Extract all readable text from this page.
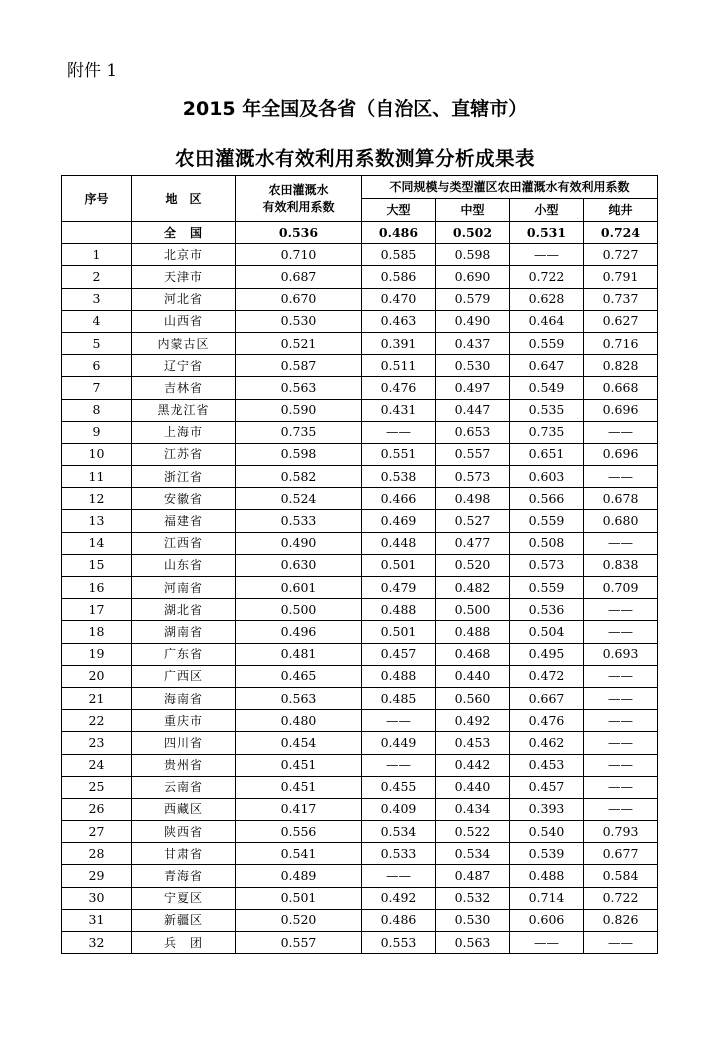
附件 1
2015 年全国及各省（自治区、直辖市）
农田灌溉水有效利用系数测算分析成果表
序号	地　区	农田灌溉水
有效利用系数	不同规模与类型灌区农田灌溉水有效利用系数			
			大型	中型	小型	纯井
	全　国	0.536	0.486	0.502	0.531	0.724
1	北京市	0.710	0.585	0.598	——	0.727
2	天津市	0.687	0.586	0.690	0.722	0.791
3	河北省	0.670	0.470	0.579	0.628	0.737
4	山西省	0.530	0.463	0.490	0.464	0.627
5	内蒙古区	0.521	0.391	0.437	0.559	0.716
6	辽宁省	0.587	0.511	0.530	0.647	0.828
7	吉林省	0.563	0.476	0.497	0.549	0.668
8	黑龙江省	0.590	0.431	0.447	0.535	0.696
9	上海市	0.735	——	0.653	0.735	——
10	江苏省	0.598	0.551	0.557	0.651	0.696
11	浙江省	0.582	0.538	0.573	0.603	——
12	安徽省	0.524	0.466	0.498	0.566	0.678
13	福建省	0.533	0.469	0.527	0.559	0.680
14	江西省	0.490	0.448	0.477	0.508	——
15	山东省	0.630	0.501	0.520	0.573	0.838
16	河南省	0.601	0.479	0.482	0.559	0.709
17	湖北省	0.500	0.488	0.500	0.536	——
18	湖南省	0.496	0.501	0.488	0.504	——
19	广东省	0.481	0.457	0.468	0.495	0.693
20	广西区	0.465	0.488	0.440	0.472	——
21	海南省	0.563	0.485	0.560	0.667	——
22	重庆市	0.480	——	0.492	0.476	——
23	四川省	0.454	0.449	0.453	0.462	——
24	贵州省	0.451	——	0.442	0.453	——
25	云南省	0.451	0.455	0.440	0.457	——
26	西藏区	0.417	0.409	0.434	0.393	——
27	陕西省	0.556	0.534	0.522	0.540	0.793
28	甘肃省	0.541	0.533	0.534	0.539	0.677
29	青海省	0.489	——	0.487	0.488	0.584
30	宁夏区	0.501	0.492	0.532	0.714	0.722
31	新疆区	0.520	0.486	0.530	0.606	0.826
32	兵　团	0.557	0.553	0.563	——	——
